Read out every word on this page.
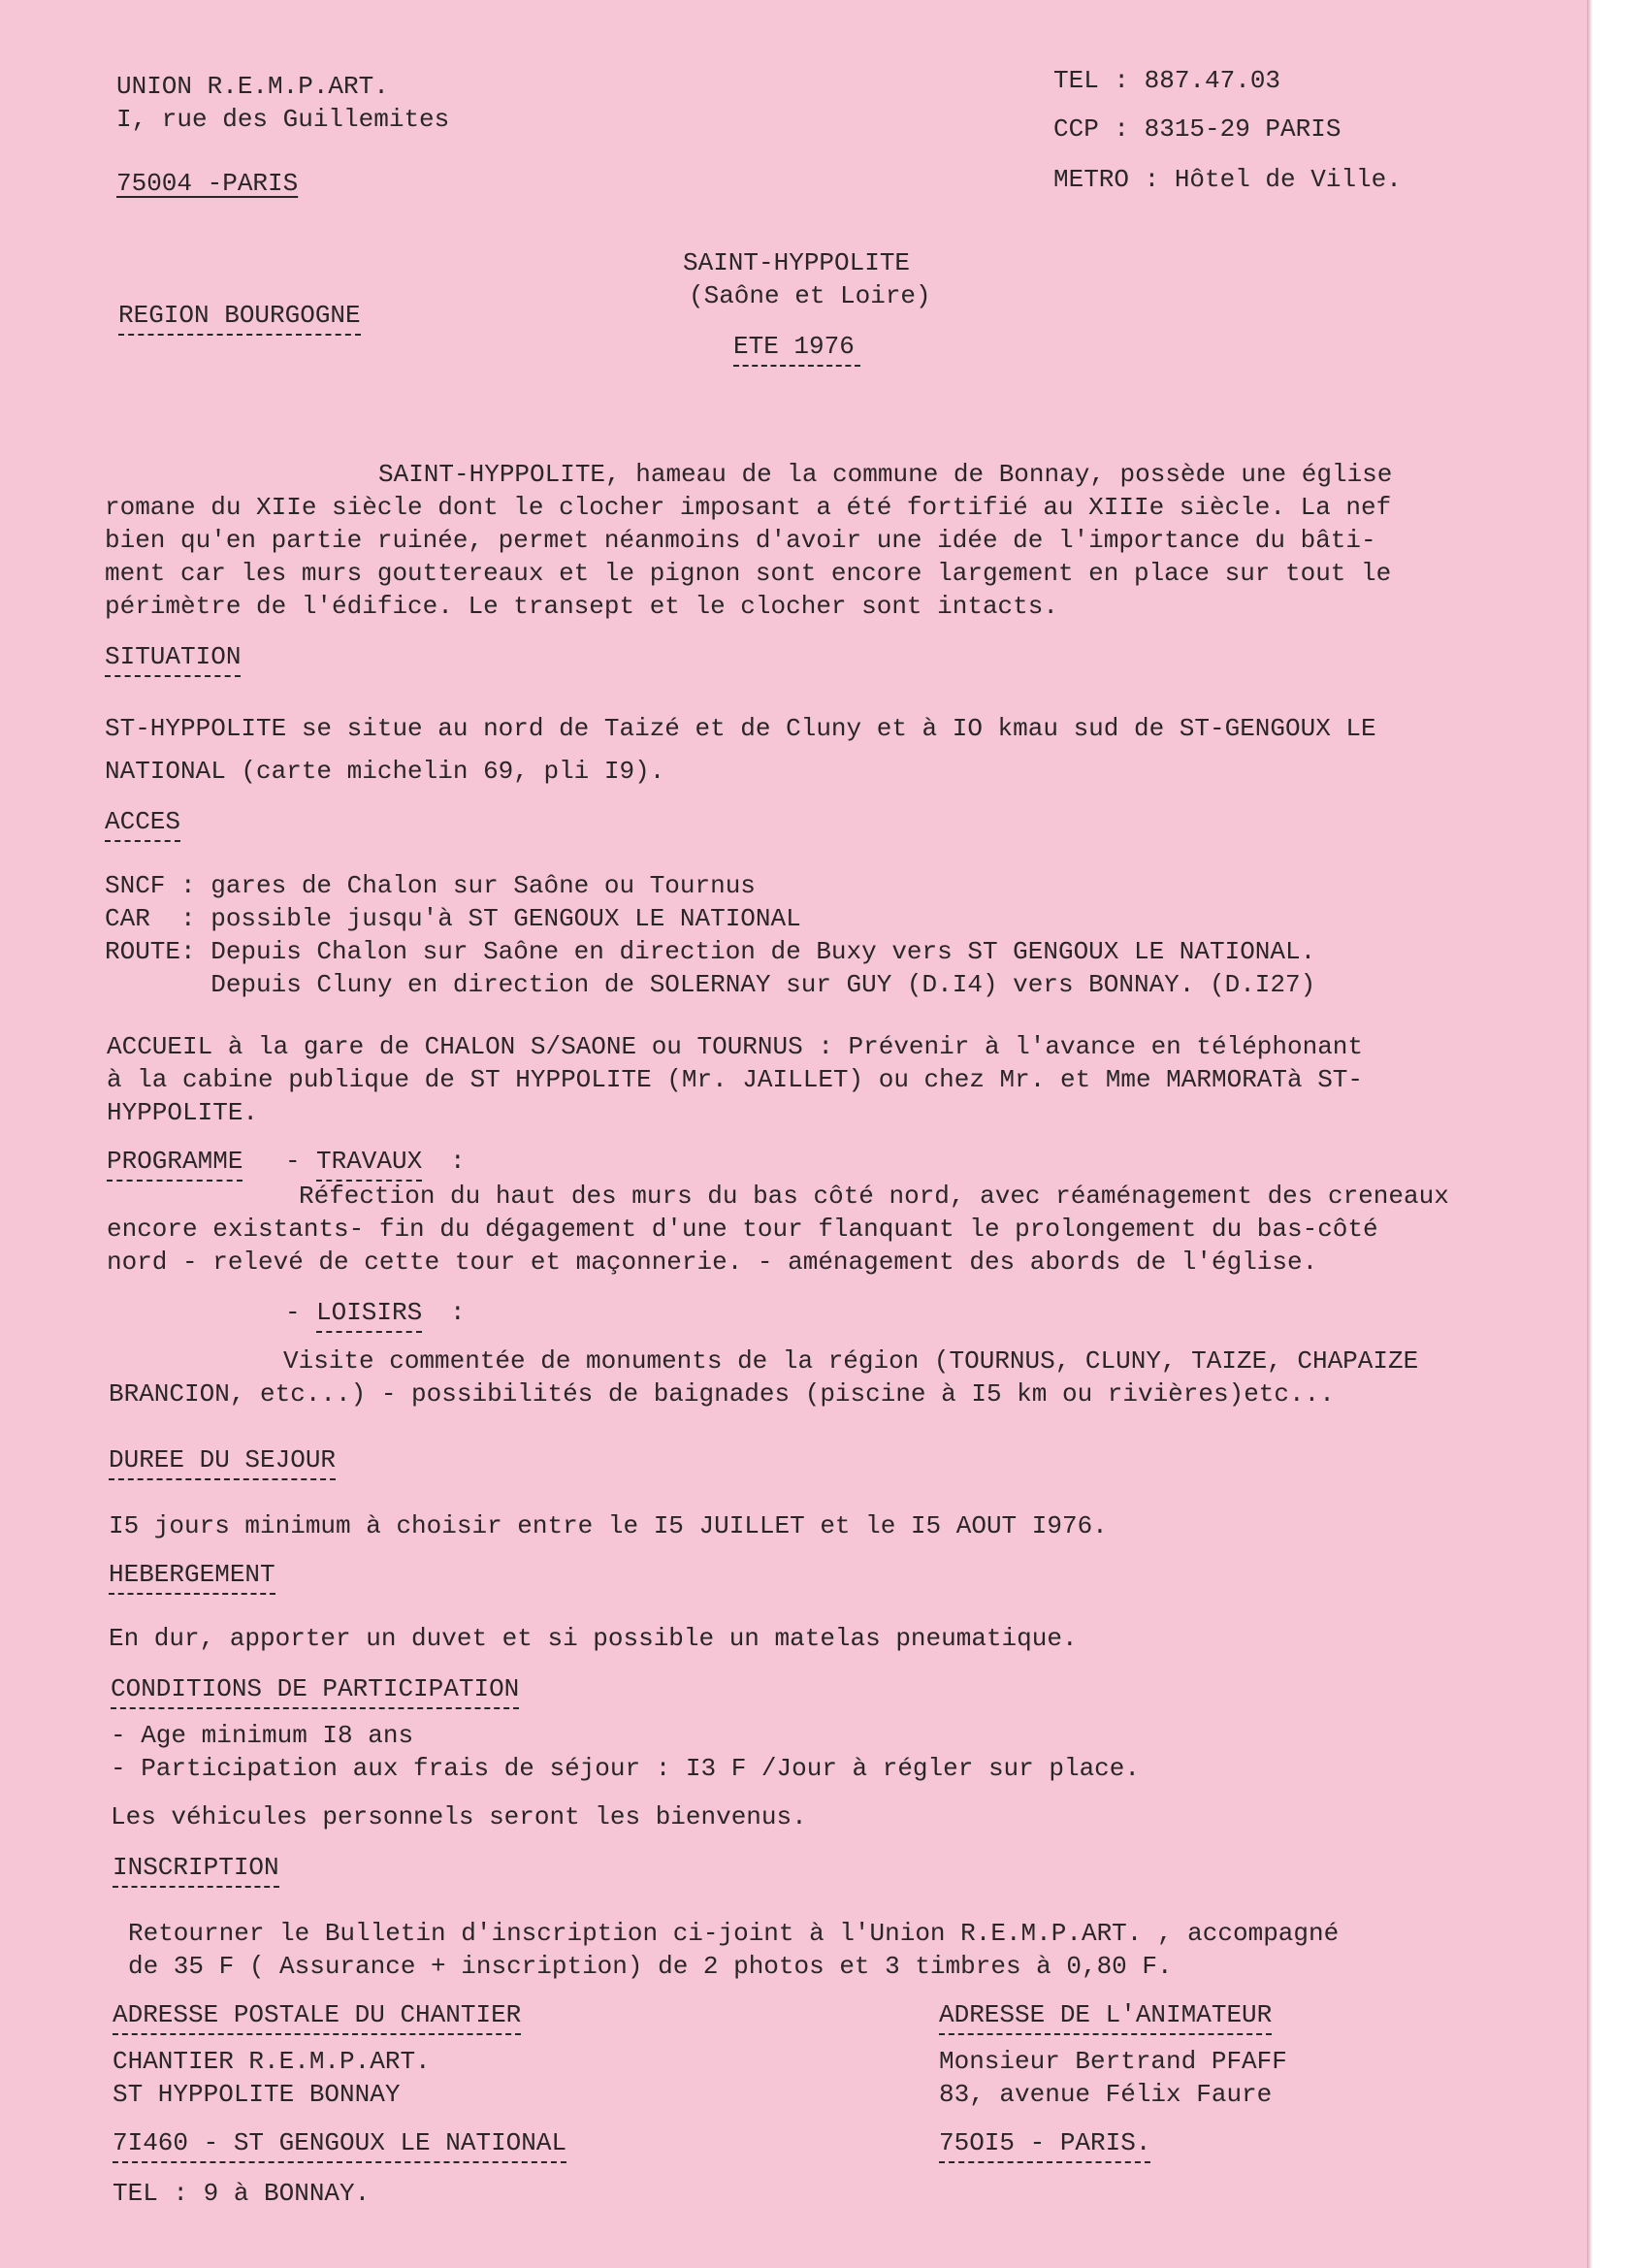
UNION R.E.M.P.ART.
I, rue des Guillemites
75004 -PARIS
TEL : 887.47.03
CCP : 8315-29 PARIS
METRO : Hôtel de Ville.
SAINT-HYPPOLITE
(Saône et Loire)
ETE 1976
REGION BOURGOGNE
SAINT-HYPPOLITE, hameau de la commune de Bonnay, possède une église
romane du XIIe siècle dont le clocher imposant a été fortifié au XIIIe siècle. La nef
bien qu'en partie ruinée, permet néanmoins d'avoir une idée de l'importance du bâti-
ment car les murs gouttereaux et le pignon sont encore largement en place sur tout le
périmètre de l'édifice. Le transept et le clocher sont intacts.
SITUATION
ST-HYPPOLITE se situe au nord de Taizé et de Cluny et à IO kmau sud de ST-GENGOUX LE
NATIONAL (carte michelin 69, pli I9).
ACCES
SNCF : gares de Chalon sur Saône ou Tournus
CAR  : possible jusqu'à ST GENGOUX LE NATIONAL
ROUTE: Depuis Chalon sur Saône en direction de Buxy vers ST GENGOUX LE NATIONAL.
Depuis Cluny en direction de SOLERNAY sur GUY (D.I4) vers BONNAY. (D.I27)
ACCUEIL à la gare de CHALON S/SAONE ou TOURNUS : Prévenir à l'avance en téléphonant
à la cabine publique de ST HYPPOLITE (Mr. JAILLET) ou chez Mr. et Mme MARMORATà ST-
HYPPOLITE.
PROGRAMME - TRAVAUX :
Réfection du haut des murs du bas côté nord, avec réaménagement des creneaux
encore existants- fin du dégagement d'une tour flanquant le prolongement du bas-côté
nord - relevé de cette tour et maçonnerie. - aménagement des abords de l'église.
- LOISIRS :
Visite commentée de monuments de la région (TOURNUS, CLUNY, TAIZE, CHAPAIZE
BRANCION, etc...) - possibilités de baignades (piscine à I5 km ou rivières)etc...
DUREE DU SEJOUR
I5 jours minimum à choisir entre le I5 JUILLET et le I5 AOUT I976.
HEBERGEMENT
En dur, apporter un duvet et si possible un matelas pneumatique.
CONDITIONS DE PARTICIPATION
- Age minimum I8 ans
- Participation aux frais de séjour : I3 F /Jour à régler sur place.
Les véhicules personnels seront les bienvenus.
INSCRIPTION
Retourner le Bulletin d'inscription ci-joint à l'Union R.E.M.P.ART. , accompagné
de 35 F ( Assurance + inscription) de 2 photos et 3 timbres à 0,80 F.
ADRESSE POSTALE DU CHANTIER
CHANTIER R.E.M.P.ART.
ST HYPPOLITE BONNAY
7I460 - ST GENGOUX LE NATIONAL
TEL : 9 à BONNAY.
ADRESSE DE L'ANIMATEUR
Monsieur Bertrand PFAFF
83, avenue Félix Faure
75OI5 - PARIS.
